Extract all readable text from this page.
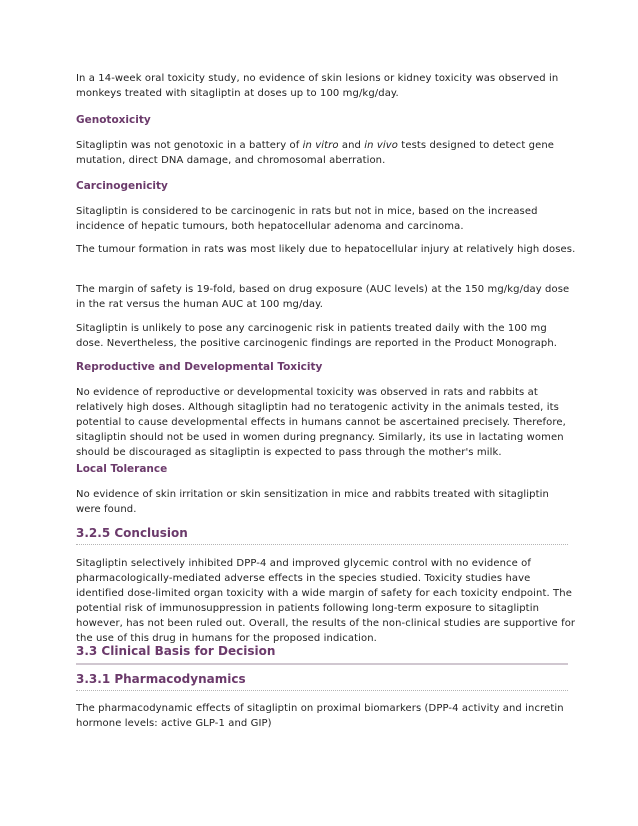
In a 14-week oral toxicity study, no evidence of skin lesions or kidney toxicity was observed in monkeys treated with sitagliptin at doses up to 100 mg/kg/day.

Genotoxicity

Sitagliptin was not genotoxic in a battery of in vitro and in vivo tests designed to detect gene mutation, direct DNA damage, and chromosomal aberration.

Carcinogenicity

Sitagliptin is considered to be carcinogenic in rats but not in mice, based on the increased incidence of hepatic tumours, both hepatocellular adenoma and carcinoma.

The tumour formation in rats was most likely due to hepatocellular injury at relatively high doses.

The margin of safety is 19-fold, based on drug exposure (AUC levels) at the 150 mg/kg/day dose in the rat versus the human AUC at 100 mg/day.

Sitagliptin is unlikely to pose any carcinogenic risk in patients treated daily with the 100 mg dose. Nevertheless, the positive carcinogenic findings are reported in the Product Monograph.

Reproductive and Developmental Toxicity

No evidence of reproductive or developmental toxicity was observed in rats and rabbits at relatively high doses. Although sitagliptin had no teratogenic activity in the animals tested, its potential to cause developmental effects in humans cannot be ascertained precisely. Therefore, sitagliptin should not be used in women during pregnancy. Similarly, its use in lactating women should be discouraged as sitagliptin is expected to pass through the mother's milk.

Local Tolerance

No evidence of skin irritation or skin sensitization in mice and rabbits treated with sitagliptin were found.

3.2.5 Conclusion

Sitagliptin selectively inhibited DPP-4 and improved glycemic control with no evidence of pharmacologically-mediated adverse effects in the species studied. Toxicity studies have identified dose-limited organ toxicity with a wide margin of safety for each toxicity endpoint. The potential risk of immunosuppression in patients following long-term exposure to sitagliptin however, has not been ruled out. Overall, the results of the non-clinical studies are supportive for the use of this drug in humans for the proposed indication.

3.3 Clinical Basis for Decision
3.3.1 Pharmacodynamics

The pharmacodynamic effects of sitagliptin on proximal biomarkers (DPP-4 activity and incretin hormone levels: active GLP-1 and GIP)
